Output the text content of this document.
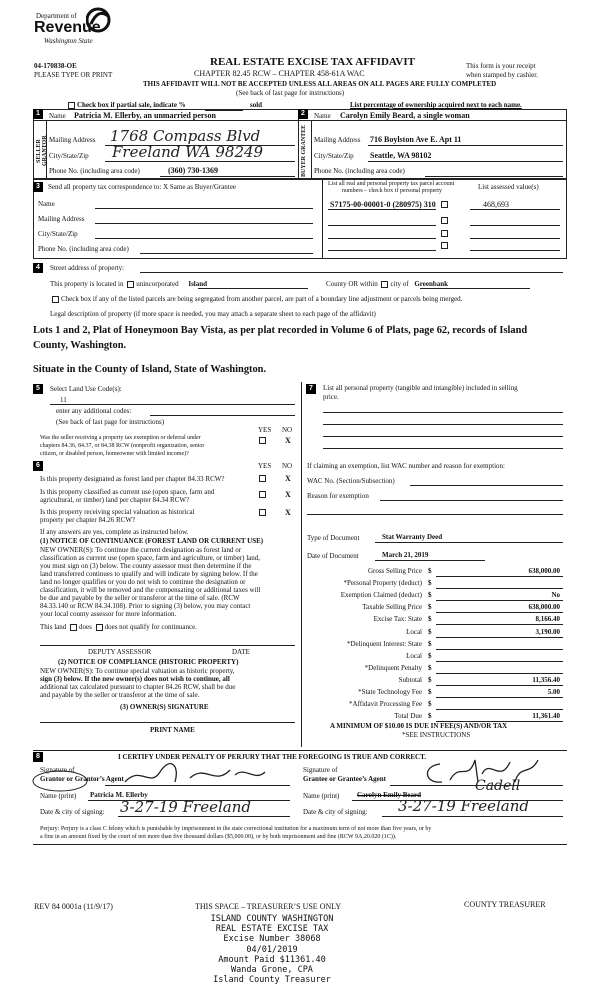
Department of
Revenue
Washington State
04-170838-OE
PLEASE TYPE OR PRINT
REAL ESTATE EXCISE TAX AFFIDAVIT
CHAPTER 82.45 RCW – CHAPTER 458-61A WAC
THIS AFFIDAVIT WILL NOT BE ACCEPTED UNLESS ALL AREAS ON ALL PAGES ARE FULLY COMPLETED
(See back of last page for instructions)
This form is your receipt
when stamped by cashier.
Check box if partial sale, indicate %	sold	List percentage of ownership acquired next to each name.
1	2
SELLER GRANTOR	BUYER GRANTEE
Name Patricia M. Ellerby, an unmarried person
Mailing Address 1768 Compass Blvd
City/State/Zip Freeland WA 98249
Phone No. (including area code)	(360) 730-1369
Name Carolyn Emily Beard, a single woman
Mailing Address 716 Boylston Ave E. Apt 11
City/State/Zip Seattle, WA 98102
Phone No. (including area code)
3	Send all property tax correspondence to: X Same as Buyer/Grantee
Name
Mailing Address
City/State/Zip
Phone No. (including area code)
List all real and personal property tax parcel account
numbers – check box if personal property	List assessed value(s)
S7175-00-00001-0 (280975) 310	468,693
4	Street address of property:
This property is located in unincorporated Island	County OR within city of Greenbank
Check box if any of the listed parcels are being segregated from another parcel, are part of a boundary line adjustment or parcels being merged.
Legal description of property (if more space is needed, you may attach a separate sheet to each page of the affidavit)
Lots 1 and 2, Plat of Honeymoon Bay Vista, as per plat recorded in Volume 6 of Plats, page 62, records of Island
County, Washington.
Situate in the County of Island, State of Washington.
5	Select Land Use Code(s):
11
enter any additional codes:
(See back of last page for instructions)
YES NO
Was the seller receiving a property tax exemption or deferral under
chapters 84.36, 84.37, or 84.38 RCW (nonprofit organization, senior
citizen, or disabled person, homeowner with limited income)?
X
6	YES NO
Is this property designated as forest land per chapter 84.33 RCW?	X
Is this property classified as current use (open space, farm and
agricultural, or timber) land per chapter 84.34 RCW?
X
Is this property receiving special valuation as historical
property per chapter 84.26 RCW?
X
If any answers are yes, complete as instructed below.
(1) NOTICE OF CONTINUANCE (FOREST LAND OR CURRENT USE)
NEW OWNER(S): To continue the current designation as forest land or
classification as current use (open space, farm and agriculture, or timber) land,
you must sign on (3) below. The county assessor must then determine if the
land transferred continues to qualify and will indicate by signing below. If the
land no longer qualifies or you do not wish to continue the designation or
classification, it will be removed and the compensating or additional taxes will
be due and payable by the seller or transferor at the time of sale. (RCW
84.33.140 or RCW 84.34.108). Prior to signing (3) below, you may contact
your local county assessor for more information.
This land does does not qualify for continuance.
DEPUTY ASSESSOR	DATE
(2) NOTICE OF COMPLIANCE (HISTORIC PROPERTY)
NEW OWNER(S): To continue special valuation as historic property,
sign (3) below. If the new owner(s) does not wish to continue, all
additional tax calculated pursuant to chapter 84.26 RCW, shall be due
and payable by the seller or transferor at the time of sale.
(3) OWNER(S) SIGNATURE
PRINT NAME
7	List all personal property (tangible and intangible) included in selling
price.
If claiming an exemption, list WAC number and reason for exemption:
WAC No. (Section/Subsection)
Reason for exemption
Type of Document	Stat Warranty Deed
Date of Document	March 21, 2019
Gross Selling Price $	638,000.00
*Personal Property (deduct) $
Exemption Claimed (deduct) $	No
Taxable Selling Price $	638,000.00
Excise Tax: State $	8,166.40
Local $	3,190.00
*Delinquent Interest: State $
Local $
*Delinquent Penalty $
Subtotal $	11,356.40
*State Technology Fee $	5.00
*Affidavit Processing Fee $
Total Due $	11,361.40
A MINIMUM OF $10.00 IS DUE IN FEE(S) AND/OR TAX
*SEE INSTRUCTIONS
8	I CERTIFY UNDER PENALTY OF PERJURY THAT THE FOREGOING IS TRUE AND CORRECT.
Signature of
Grantor or Grantor’s Agent
Name (print) Patricia M. Ellerby
Date & city of signing: 3-27-19 Freeland
Signature of
Grantee or Grantee’s Agent
Name (print)	Carolyn Emily Beard
Cadell
Date & city of signing: 3-27-19 Freeland
Perjury: Perjury is a class C felony which is punishable by imprisonment in the state correctional institution for a maximum term of not more than five years, or by
a fine in an amount fixed by the court of not more than five thousand dollars ($5,000.00), or by both imprisonment and fine (RCW 9A.20.020 (1C)).
REV 84 0001a (11/9/17)	THIS SPACE – TREASURER’S USE ONLY	COUNTY TREASURER
ISLAND COUNTY WASHINGTON
REAL ESTATE EXCISE TAX
Excise Number 38068
04/01/2019
Amount Paid $11361.40
Wanda Grone, CPA
Island County Treasurer
